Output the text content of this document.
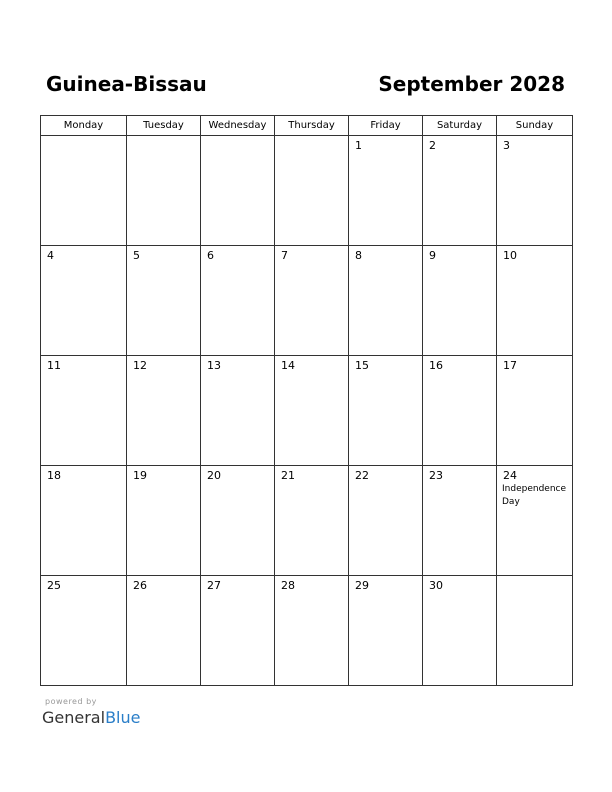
Guinea-Bissau	September 2028
Monday	Tuesday	Wednesday	Thursday	Friday	Saturday	Sunday

				1	2	3

4	5	6	7	8	9	10

11	12	13	14	15	16	17

18	19	20	21	22	23	24
Independence Day

25	26	27	28	29	30	

powered by
GeneralBlue
